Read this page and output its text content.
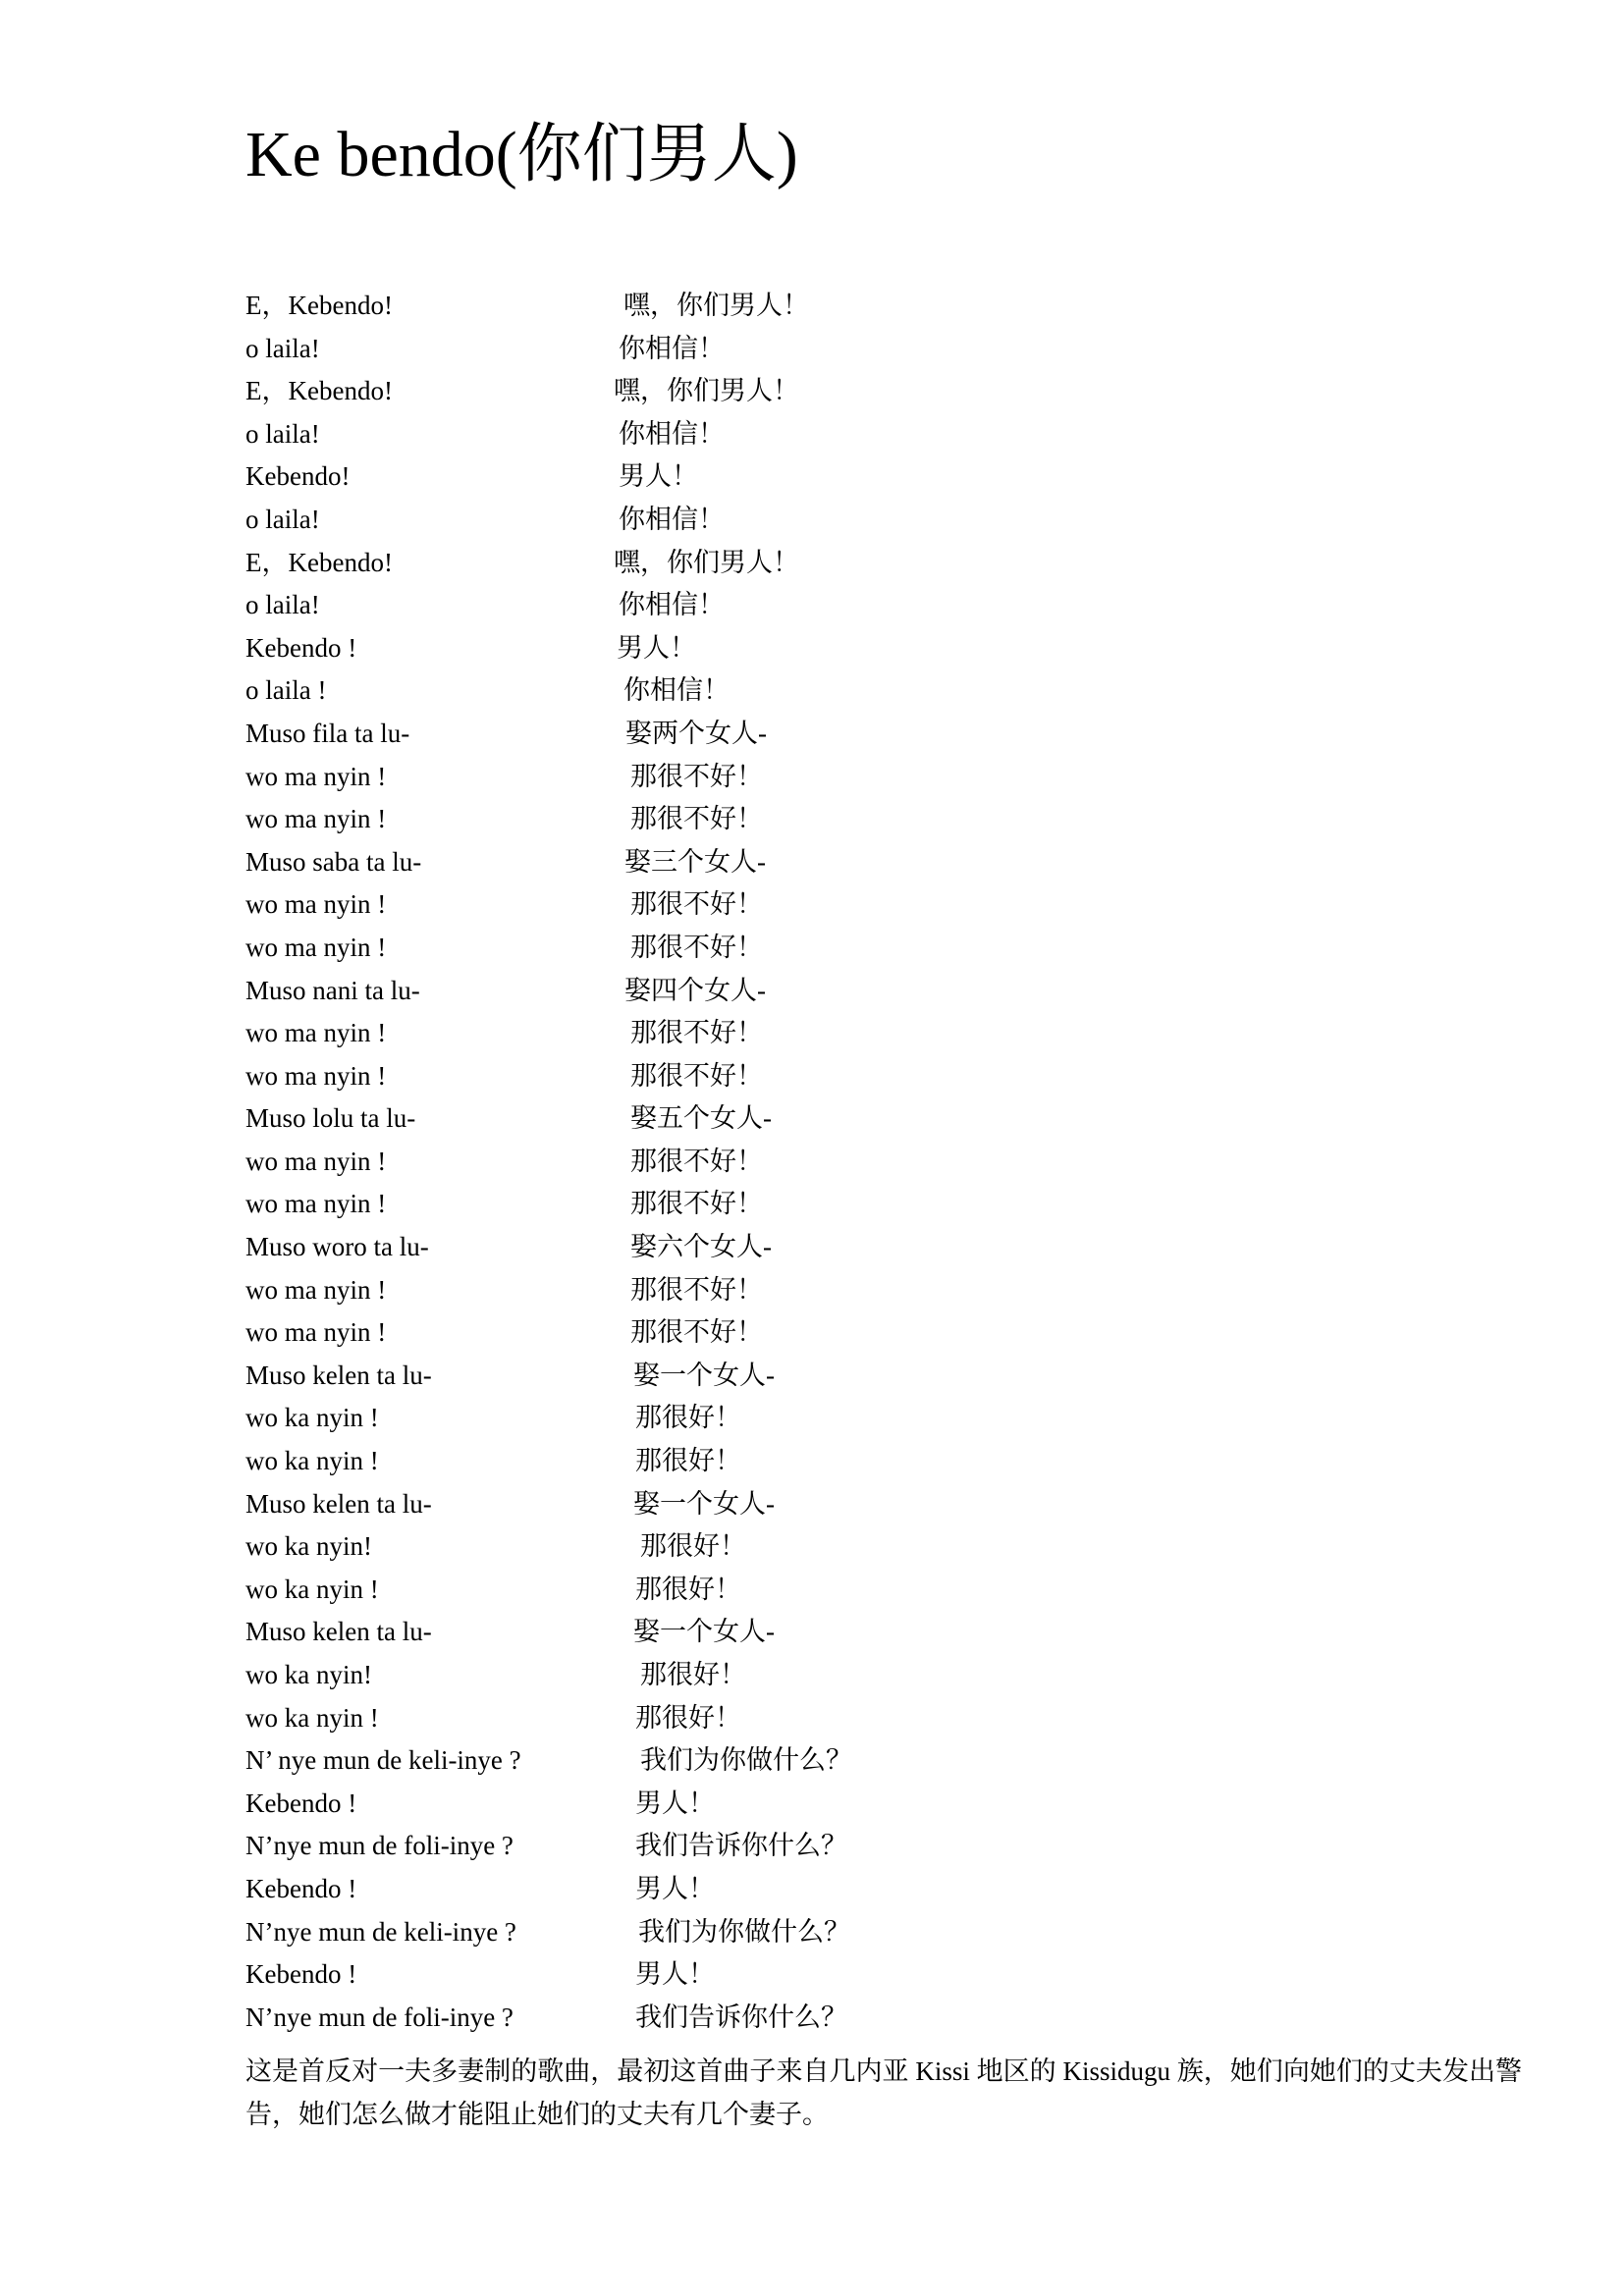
Ke bendo(你们男人)
E，Kebendo!	嘿，你们男人！
o laila!	你相信！
E，Kebendo!	嘿，你们男人！
o laila!	你相信！
Kebendo!	男人！
o laila!	你相信！
E，Kebendo!	嘿，你们男人！
o laila!	你相信！
Kebendo !	男人！
o laila !	你相信！
Muso fila ta lu-	娶两个女人-
wo ma nyin !	那很不好！
wo ma nyin !	那很不好！
Muso saba ta lu-	娶三个女人-
wo ma nyin !	那很不好！
wo ma nyin !	那很不好！
Muso nani ta lu-	娶四个女人-
wo ma nyin !	那很不好！
wo ma nyin !	那很不好！
Muso lolu ta lu-	娶五个女人-
wo ma nyin !	那很不好！
wo ma nyin !	那很不好！
Muso woro ta lu-	娶六个女人-
wo ma nyin !	那很不好！
wo ma nyin !	那很不好！
Muso kelen ta lu-	娶一个女人-
wo ka nyin !	那很好！
wo ka nyin !	那很好！
Muso kelen ta lu-	娶一个女人-
wo ka nyin!	那很好！
wo ka nyin !	那很好！
Muso kelen ta lu-	娶一个女人-
wo ka nyin!	那很好！
wo ka nyin !	那很好！
N’ nye mun de keli-inye ?	我们为你做什么？
Kebendo !	男人！
N’nye mun de foli-inye ?	我们告诉你什么？
Kebendo !	男人！
N’nye mun de keli-inye ?	我们为你做什么？
Kebendo !	男人！
N’nye mun de foli-inye ?	我们告诉你什么？
这是首反对一夫多妻制的歌曲，最初这首曲子来自几内亚 Kissi 地区的 Kissidugu 族，她们向她们的丈夫发出警告，她们怎么做才能阻止她们的丈夫有几个妻子。
